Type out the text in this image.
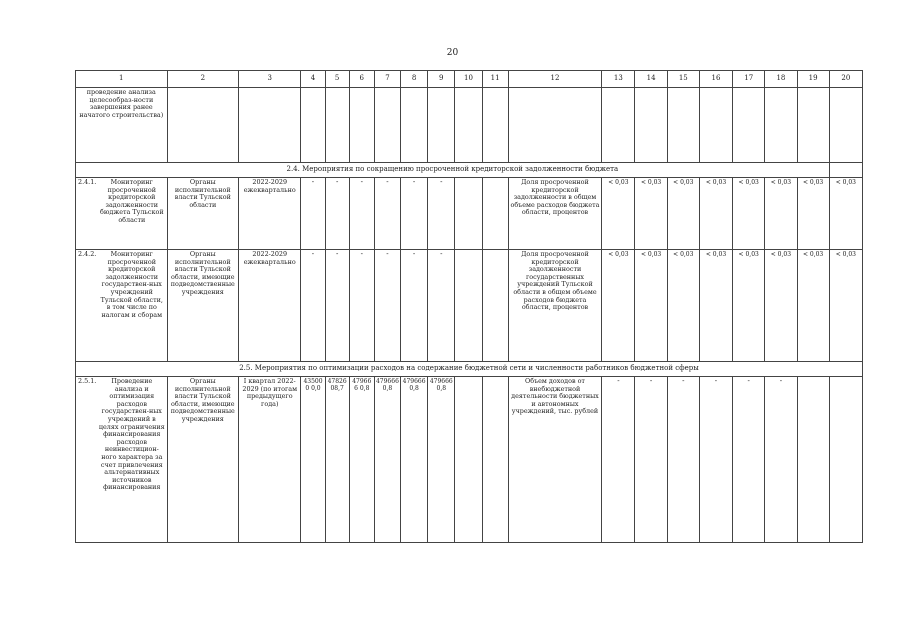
20
1	2	3	4	5	6	7	8	9	10	11	12	13	14	15	16	17	18	19	20
проведение анализа целесообраз-ности завершения ранее начатого строительства)																			
2.4. Мероприятия по сокращению просроченной кредиторской задолженности бюджета																			

2.4.1. Мониторинг просроченной кредиторской задолженности бюджета Тульской области	Органы исполнительной власти Тульской области	2022-2029 ежеквартально	-	-	-	-	-	-			Доля просроченной кредиторской задолженности в общем объеме расходов бюджета области, процентов	< 0,03	< 0,03	< 0,03	< 0,03	< 0,03	< 0,03	< 0,03	< 0,03

2.4.2. Мониторинг просроченной кредиторской задолженности государствен-ных учреждений Тульской области, в том числе по налогам и сборам	Органы исполнительной власти Тульской области, имеющие подведомственные учреждения	2022-2029 ежеквартально	-	-	-	-	-	-			Доля просроченной кредиторской задолженности государственных учреждений Тульской области в общем объеме расходов бюджета области, процентов	< 0,03	< 0,03	< 0,03	< 0,03	< 0,03	< 0,03	< 0,03	< 0,03
2.5. Мероприятия по оптимизации расходов на содержание бюджетной сети и численности работников бюджетной сферы																			

2.5.1. Проведение анализа и оптимизация расходов государствен-ных учреждений в целях ограничения финансирования расходов неинвестицион-ного характера за счет привлечения альтернативных источников финансирования	Органы исполнительной власти Тульской области, имеющие подведомственные учреждения	I квартал 2022-2029 (по итогам предыдущего года)	435000 0,0	47826 08,7	479666 0,8	479666 0,8	479666 0,8	479666 0,8			Объем доходов от внебюджетной деятельности бюджетных и автономных учреждений, тыс. рублей	-	-	-	-	-	-		
